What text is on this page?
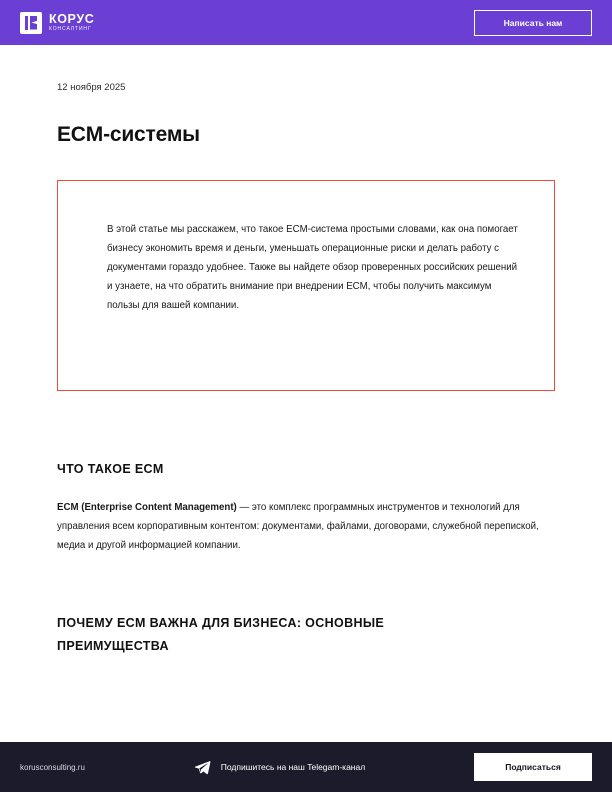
КОРУС
КОНСАЛТИНГ
Написать нам
12 ноября 2025
ECM-системы

В этой статье мы расскажем, что такое ECM-система простыми словами, как она помогает бизнесу экономить время и деньги, уменьшать операционные риски и делать работу с документами гораздо удобнее. Также вы найдете обзор проверенных российских решений и узнаете, на что обратить внимание при внедрении ECM, чтобы получить максимум пользы для вашей компании.

ЧТО ТАКОЕ ECM

ECM (Enterprise Content Management) — это комплекс программных инструментов и технологий для управления всем корпоративным контентом: документами, файлами, договорами, служебной перепиской, медиа и другой информацией компании.

ПОЧЕМУ ECM ВАЖНА ДЛЯ БИЗНЕСА: ОСНОВНЫЕ ПРЕИМУЩЕСТВА
korusconsulting.ru	Подпишитесь на наш Telegam-канал	Подписаться
